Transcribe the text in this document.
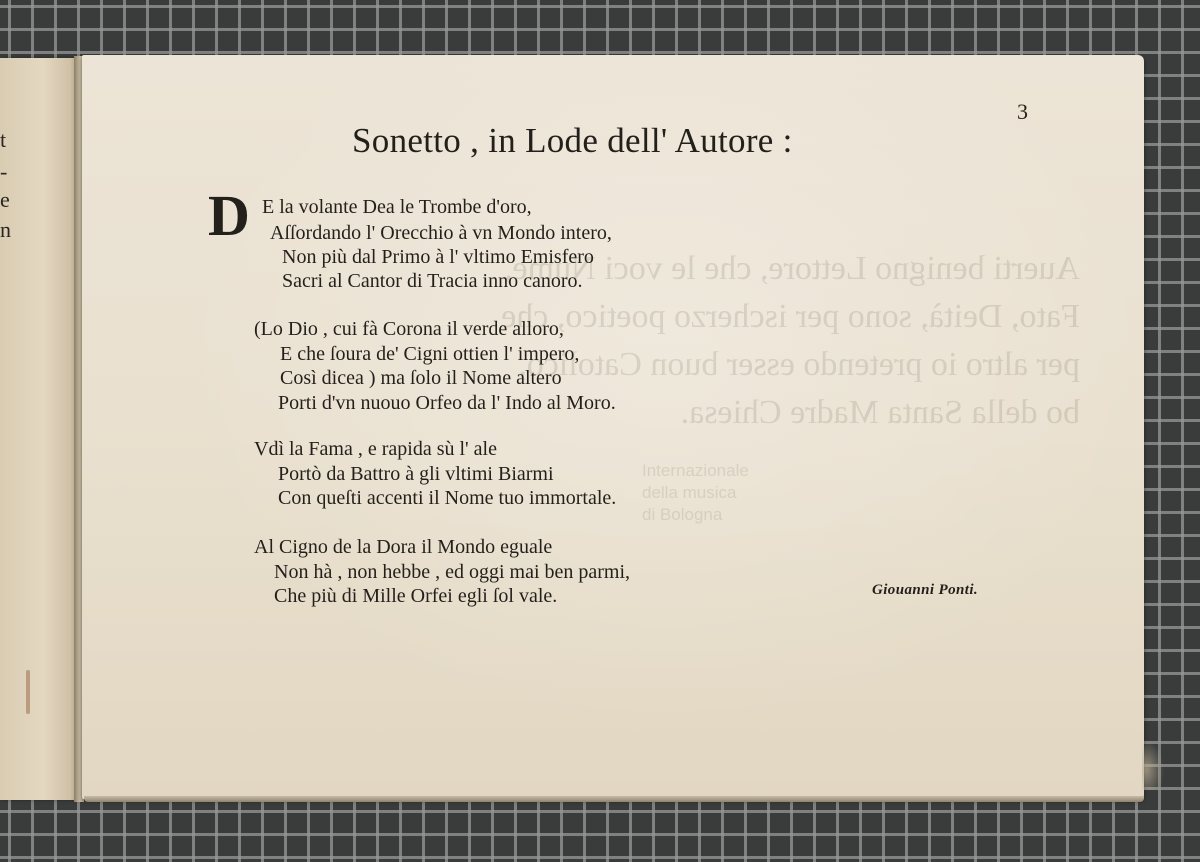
t
-
e
n
Auerti benigno Lettore, che le voci Nume,
Fato, Deità, sono per ischerzo poetico, che
per altro io pretendo esser buon Catolico,
bo della Santa Madre Chiesa.
Internazionale
della musica
di Bologna
3
Sonetto , in Lode dell' Autore :
D E la volante Dea le Trombe d'oro,
Aſſordando l' Orecchio à vn Mondo intero,
Non più dal Primo à l' vltimo Emisfero
Sacri al Cantor di Tracia inno canoro.
(Lo Dio , cui fà Corona il verde alloro,
E che ſoura de' Cigni ottien l' impero,
Così dicea ) ma ſolo il Nome altero
Porti d'vn nuouo Orfeo da l' Indo al Moro.
Vdì la Fama , e rapida sù l' ale
Portò da Battro à gli vltimi Biarmi
Con queſti accenti il Nome tuo immortale.
Al Cigno de la Dora il Mondo eguale
Non hà , non hebbe , ed oggi mai ben parmi,
Che più di Mille Orfei egli ſol vale.	Giouanni Ponti.
